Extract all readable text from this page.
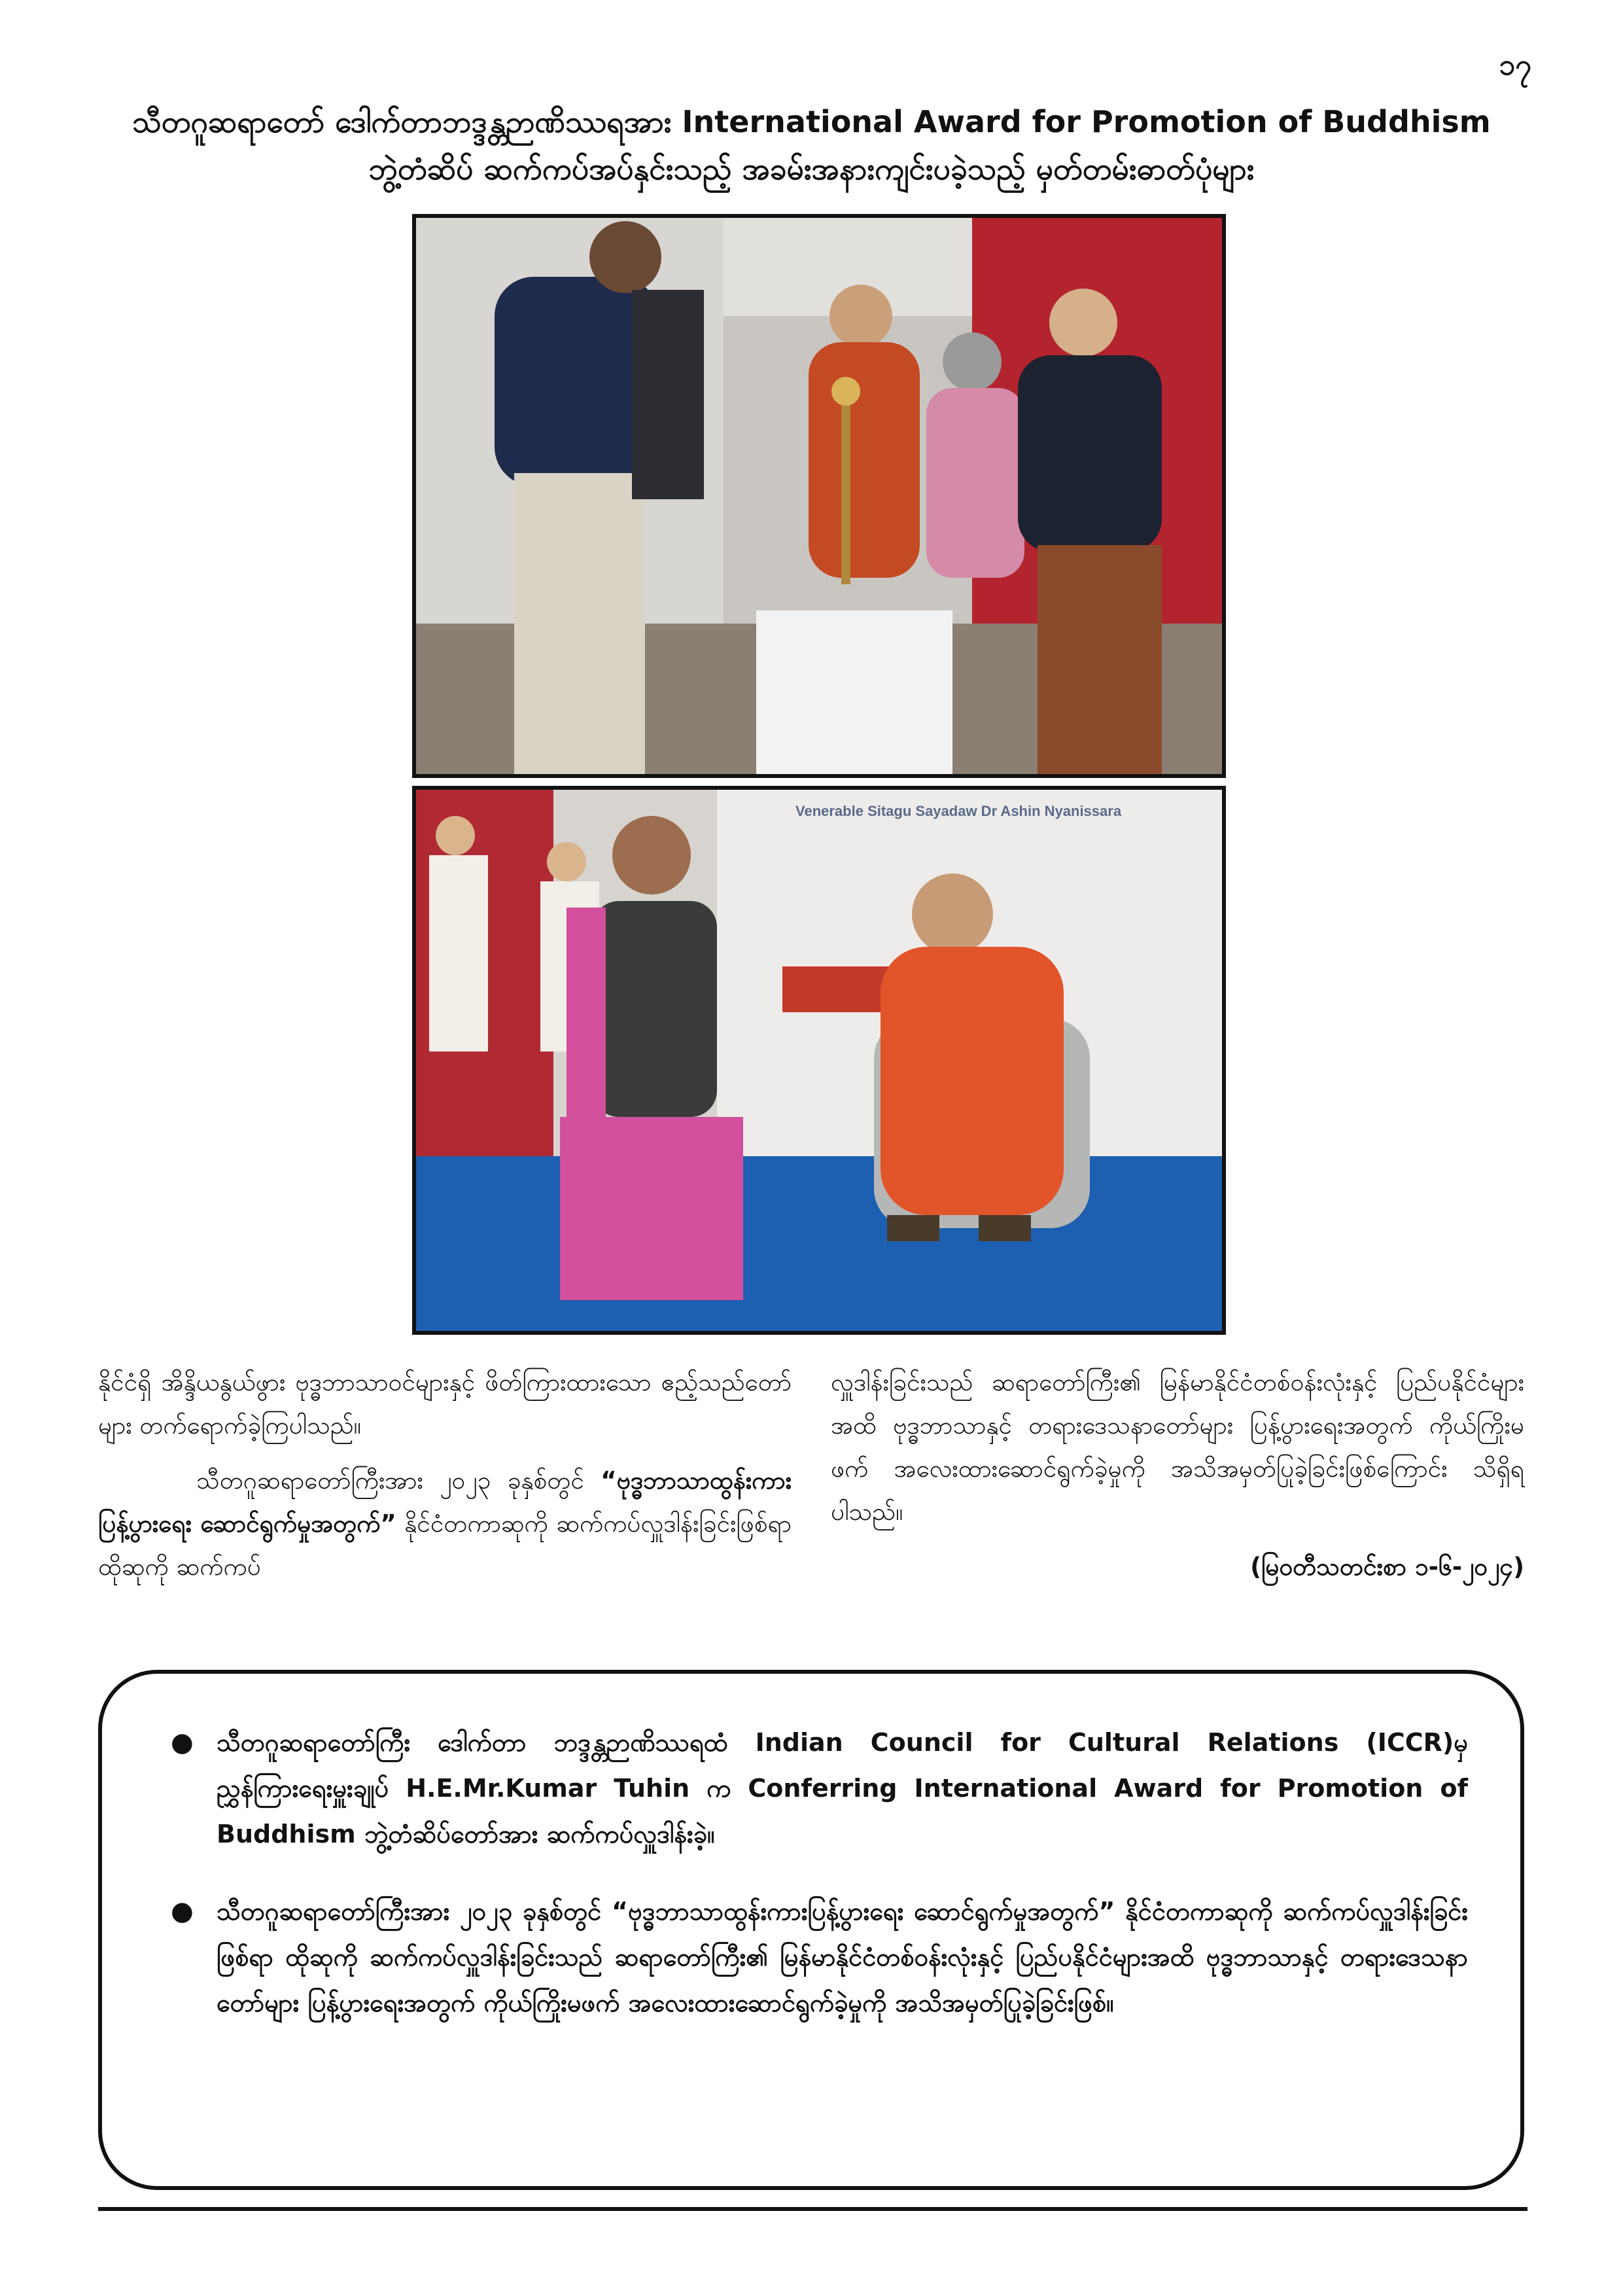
၁၇
သီတဂူဆရာတော် ဒေါက်တာဘဒ္ဒန္တဉာဏိဿရအား International Award for Promotion of Buddhism
ဘွဲ့တံဆိပ် ဆက်ကပ်အပ်နှင်းသည့် အခမ်းအနားကျင်းပခဲ့သည့် မှတ်တမ်းဓာတ်ပုံများ
Venerable Sitagu Sayadaw Dr Ashin Nyanissara

နိုင်ငံရှိ အိန္ဒိယနွယ်ဖွား ဗုဒ္ဓဘာသာဝင်များနှင့် ဖိတ်ကြားထားသော ဧည့်သည်တော်များ တက်ရောက်ခဲ့ကြပါသည်။

သီတဂူဆရာတော်ကြီးအား ၂၀၂၃ ခုနှစ်တွင် “ဗုဒ္ဓဘာသာထွန်းကားပြန့်ပွားရေး ဆောင်ရွက်မှုအတွက်” နိုင်ငံတကာဆုကို ဆက်ကပ်လှူဒါန်းခြင်းဖြစ်ရာ ထိုဆုကို ဆက်ကပ်

လှူဒါန်းခြင်းသည် ဆရာတော်ကြီး၏ မြန်မာနိုင်ငံတစ်ဝန်းလုံးနှင့် ပြည်ပနိုင်ငံများအထိ ဗုဒ္ဓဘာသာနှင့် တရားဒေသနာတော်များ ပြန့်ပွားရေးအတွက် ကိုယ်ကြိုးမဖက် အလေးထားဆောင်ရွက်ခဲ့မှုကို အသိအမှတ်ပြုခဲ့ခြင်းဖြစ်ကြောင်း သိရှိရပါသည်။

(မြဝတီသတင်းစာ ၁-၆-၂၀၂၄)

● သီတဂူဆရာတော်ကြီး ဒေါက်တာ ဘဒ္ဒန္တဉာဏိဿရထံ Indian Council for Cultural Relations (ICCR)မှ ညွှန်ကြားရေးမှူးချုပ် H.E.Mr.Kumar Tuhin က Conferring International Award for Promotion of Buddhism ဘွဲ့တံဆိပ်တော်အား ဆက်ကပ်လှူဒါန်းခဲ့။
● သီတဂူဆရာတော်ကြီးအား ၂၀၂၃ ခုနှစ်တွင် “ဗုဒ္ဓဘာသာထွန်းကားပြန့်ပွားရေး ဆောင်ရွက်မှုအတွက်” နိုင်ငံတကာဆုကို ဆက်ကပ်လှူဒါန်းခြင်းဖြစ်ရာ ထိုဆုကို ဆက်ကပ်လှူဒါန်းခြင်းသည် ဆရာတော်ကြီး၏ မြန်မာနိုင်ငံတစ်ဝန်းလုံးနှင့် ပြည်ပနိုင်ငံများအထိ ဗုဒ္ဓဘာသာနှင့် တရားဒေသနာတော်များ ပြန့်ပွားရေးအတွက် ကိုယ်ကြိုးမဖက် အလေးထားဆောင်ရွက်ခဲ့မှုကို အသိအမှတ်ပြုခဲ့ခြင်းဖြစ်။
